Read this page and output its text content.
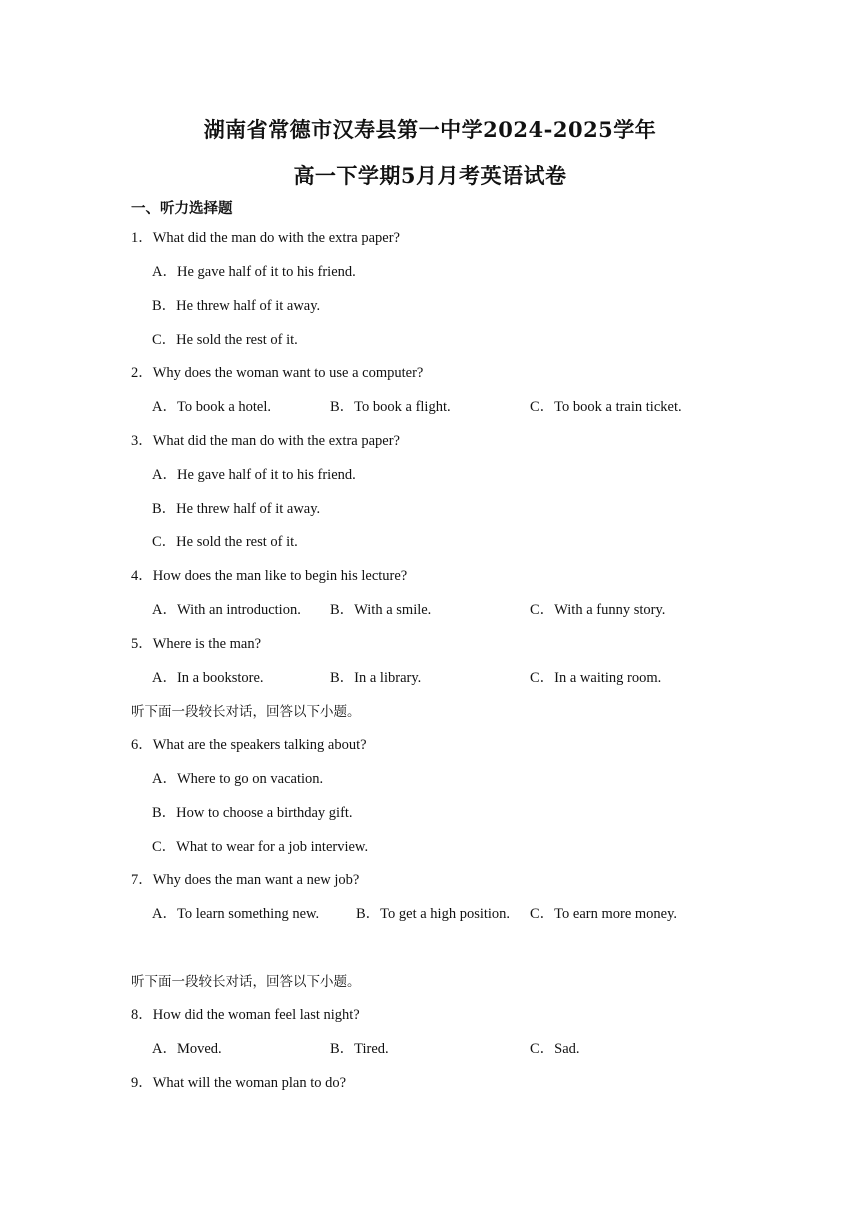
湖南省常德市汉寿县第一中学2024-2025学年
高一下学期5月月考英语试卷
一、听力选择题
1．What did the man do with the extra paper?
A．He gave half of it to his friend.
B．He threw half of it away.
C．He sold the rest of it.
2．Why does the woman want to use a computer?
A．To book a hotel.	B．To book a flight.	C．To book a train ticket.
3．What did the man do with the extra paper?
A．He gave half of it to his friend.
B．He threw half of it away.
C．He sold the rest of it.
4．How does the man like to begin his lecture?
A．With an introduction. B．With a smile.	C．With a funny story.
5．Where is the man?
A．In a bookstore.	B．In a library.	C．In a waiting room.
听下面一段较长对话，回答以下小题。
6．What are the speakers talking about?
A．Where to go on vacation.
B．How to choose a birthday gift.
C．What to wear for a job interview.
7．Why does the man want a new job?
A．To learn something new.	B．To get a high position. C．To earn more money.
听下面一段较长对话，回答以下小题。
8．How did the woman feel last night?
A．Moved.	B．Tired.	C．Sad.
9．What will the woman plan to do?
